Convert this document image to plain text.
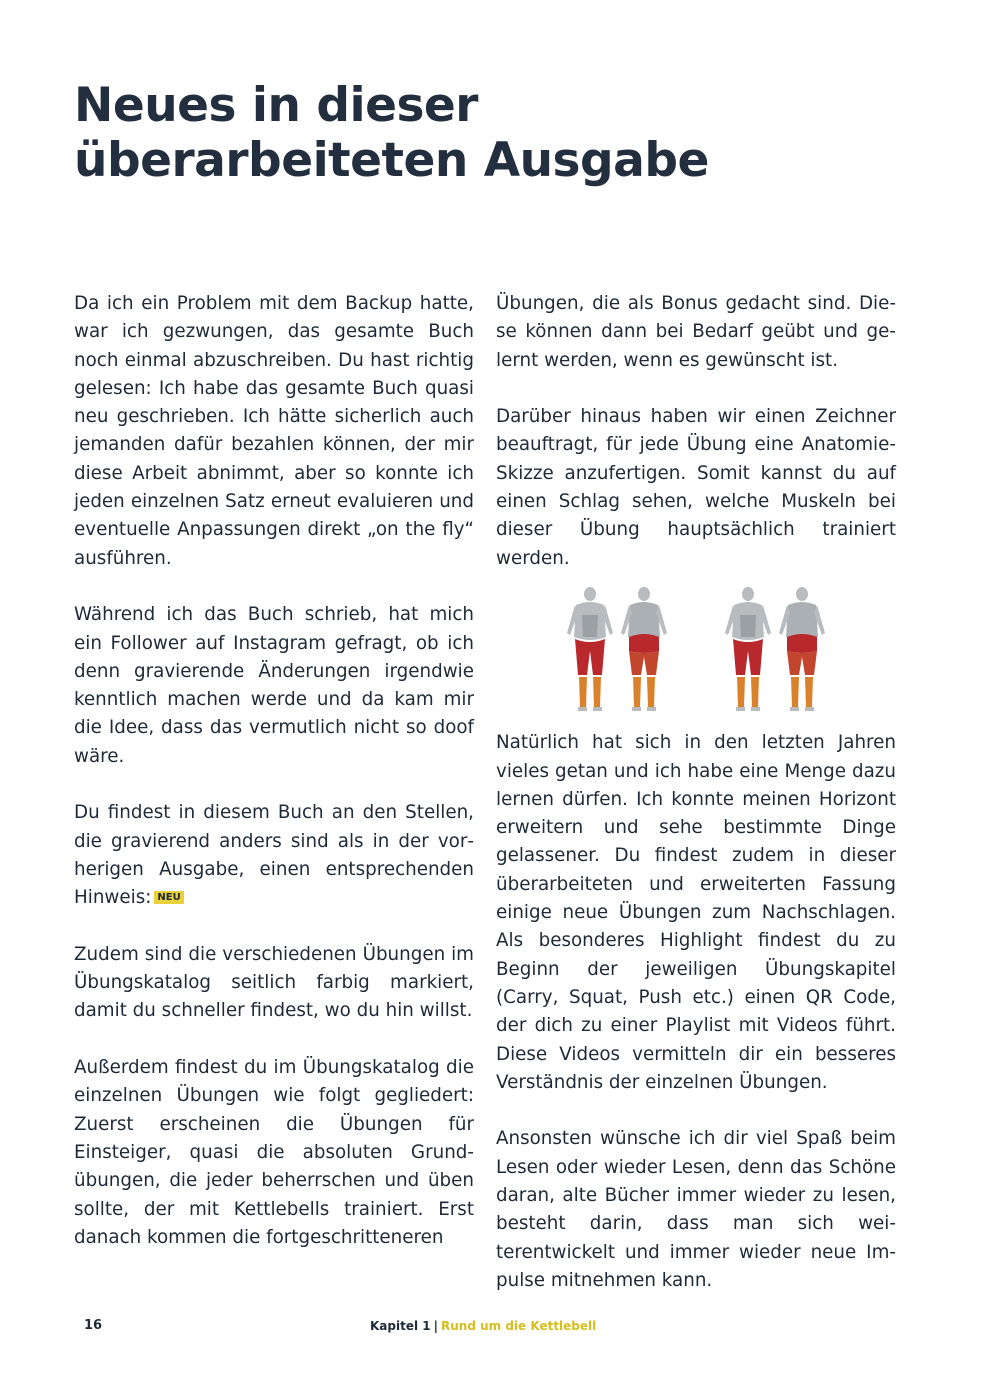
Neues in dieser
überarbeiteten Ausgabe

Da ich ein Problem mit dem Backup hatte, war ich gezwungen, das gesamte Buch noch einmal abzuschreiben. Du hast richtig gelesen: Ich habe das gesamte Buch quasi neu geschrieben. Ich hätte sicherlich auch jemanden dafür bezahlen können, der mir diese Arbeit abnimmt, aber so konnte ich jeden einzelnen Satz erneut evaluieren und eventuelle Anpassungen direkt „on the fly“ ausführen.

Während ich das Buch schrieb, hat mich ein Follower auf Instagram gefragt, ob ich denn gravierende Änderungen irgendwie kenntlich machen werde und da kam mir die Idee, dass das vermutlich nicht so doof wäre.

Du findest in diesem Buch an den Stellen, die gravierend anders sind als in der vorherigen Ausgabe, einen entsprechenden Hinweis: NEU

Zudem sind die verschiedenen Übungen im Übungskatalog seitlich farbig markiert, damit du schneller findest, wo du hin willst.

Außerdem findest du im Übungskatalog die einzelnen Übungen wie folgt gegliedert: Zuerst erscheinen die Übungen für Einsteiger, quasi die absoluten Grundübungen, die jeder beherrschen und üben sollte, der mit Kettlebells trainiert. Erst danach kommen die fortgeschritteneren

Übungen, die als Bonus gedacht sind. Diese können dann bei Bedarf geübt und gelernt werden, wenn es gewünscht ist.

Darüber hinaus haben wir einen Zeichner beauftragt, für jede Übung eine Anatomie-Skizze anzufertigen. Somit kannst du auf einen Schlag sehen, welche Muskeln bei dieser Übung hauptsächlich trainiert werden.

Natürlich hat sich in den letzten Jahren vieles getan und ich habe eine Menge dazu lernen dürfen. Ich konnte meinen Horizont erweitern und sehe bestimmte Dinge gelassener. Du findest zudem in dieser überarbeiteten und erweiterten Fassung einige neue Übungen zum Nachschlagen. Als besonderes Highlight findest du zu Beginn der jeweiligen Übungskapitel (Carry, Squat, Push etc.) einen QR Code, der dich zu einer Playlist mit Videos führt. Diese Videos vermitteln dir ein besseres Verständnis der einzelnen Übungen.

Ansonsten wünsche ich dir viel Spaß beim Lesen oder wieder Lesen, denn das Schöne daran, alte Bücher immer wieder zu lesen, besteht darin, dass man sich weiterentwickelt und immer wieder neue Impulse mitnehmen kann.

16	Kapitel 1 | Rund um die Kettlebell
